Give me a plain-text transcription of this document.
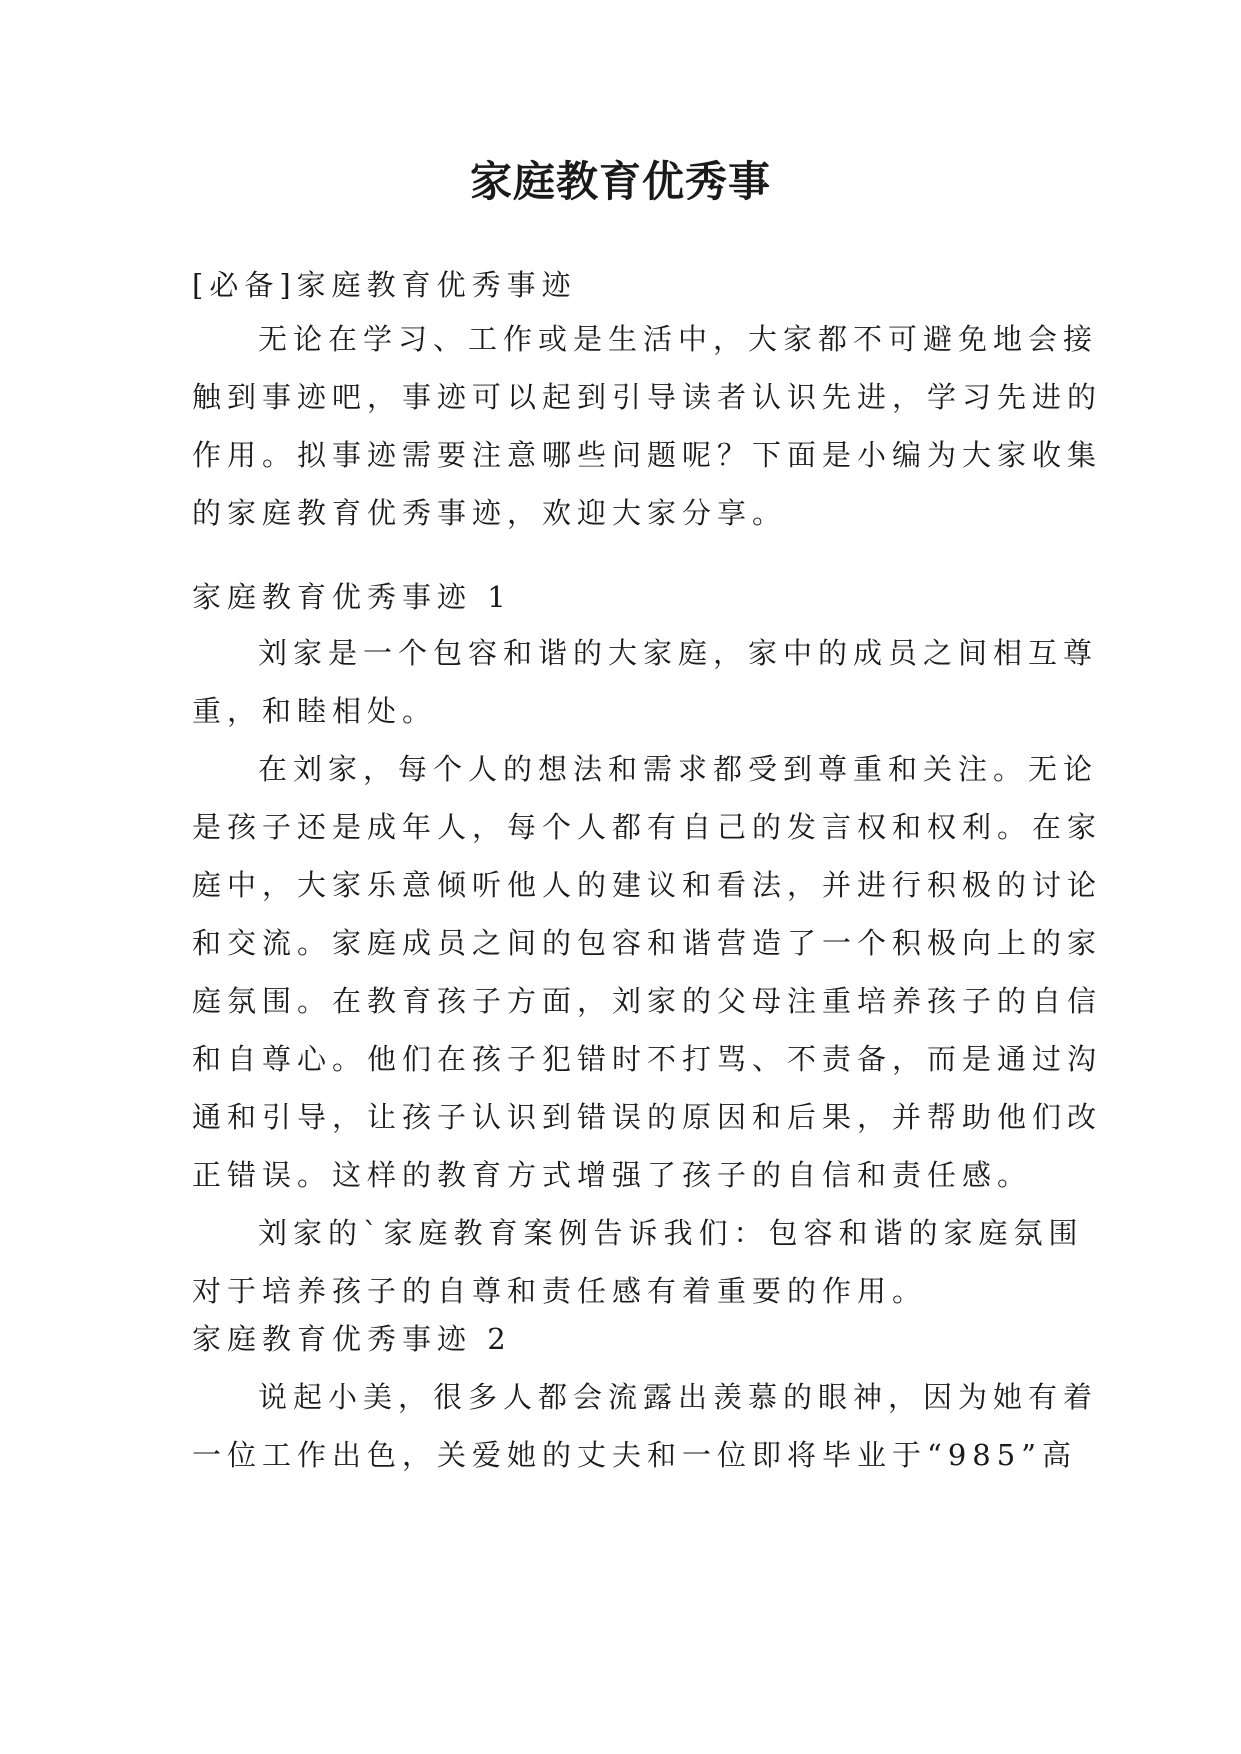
家庭教育优秀事
[必备]家庭教育优秀事迹
无论在学习、工作或是生活中，大家都不可避免地会接
触到事迹吧，事迹可以起到引导读者认识先进，学习先进的
作用。拟事迹需要注意哪些问题呢？下面是小编为大家收集
的家庭教育优秀事迹，欢迎大家分享。
家庭教育优秀事迹 1
刘家是一个包容和谐的大家庭，家中的成员之间相互尊
重，和睦相处。
在刘家，每个人的想法和需求都受到尊重和关注。无论
是孩子还是成年人，每个人都有自己的发言权和权利。在家
庭中，大家乐意倾听他人的建议和看法，并进行积极的讨论
和交流。家庭成员之间的包容和谐营造了一个积极向上的家
庭氛围。在教育孩子方面，刘家的父母注重培养孩子的自信
和自尊心。他们在孩子犯错时不打骂、不责备，而是通过沟
通和引导，让孩子认识到错误的原因和后果，并帮助他们改
正错误。这样的教育方式增强了孩子的自信和责任感。
刘家的`家庭教育案例告诉我们：包容和谐的家庭氛围
对于培养孩子的自尊和责任感有着重要的作用。
家庭教育优秀事迹 2
说起小美，很多人都会流露出羡慕的眼神，因为她有着
一位工作出色，关爱她的丈夫和一位即将毕业于“985”高
